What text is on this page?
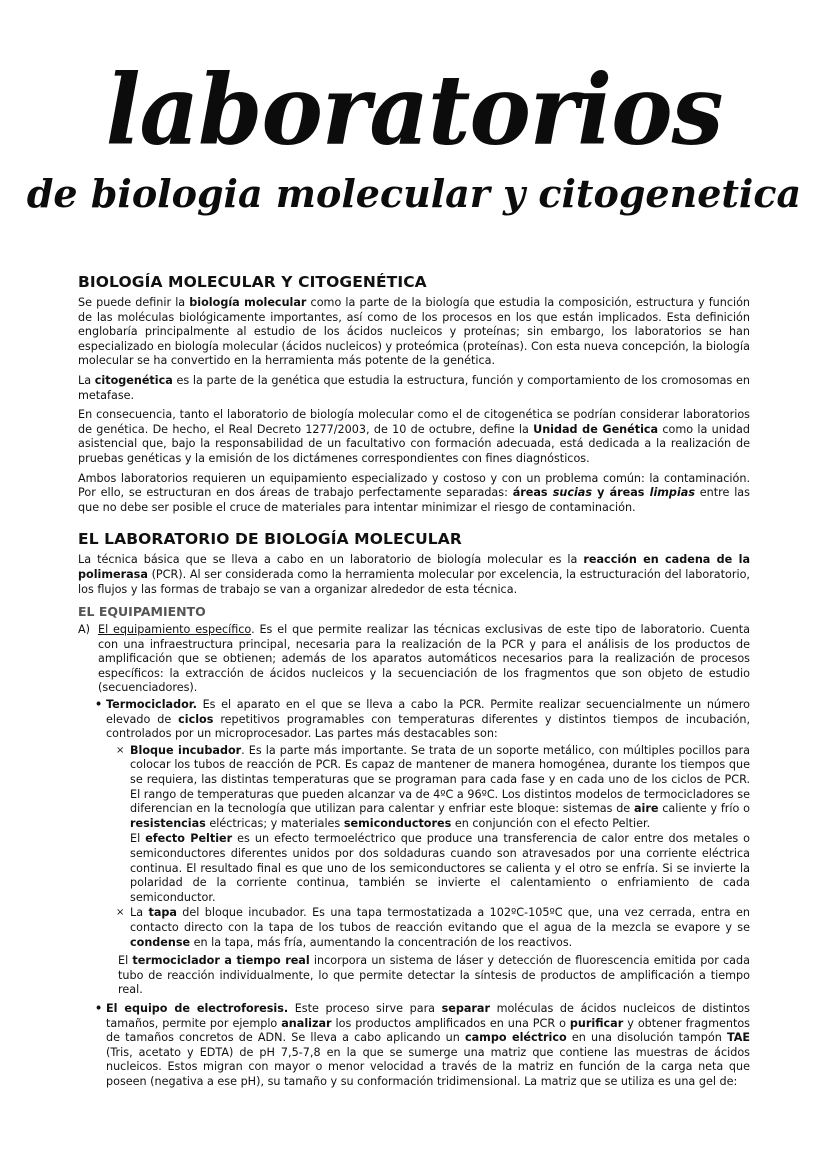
laboratorios
de biologia molecular y citogenetica
BIOLOGÍA MOLECULAR Y CITOGENÉTICA

Se puede definir la biología molecular como la parte de la biología que estudia la composición, estructura y función de las moléculas biológicamente importantes, así como de los procesos en los que están implicados. Esta definición englobaría principalmente al estudio de los ácidos nucleicos y proteínas; sin embargo, los laboratorios se han especializado en biología molecular (ácidos nucleicos) y proteómica (proteínas). Con esta nueva concepción, la biología molecular se ha convertido en la herramienta más potente de la genética.

La citogenética es la parte de la genética que estudia la estructura, función y comportamiento de los cromosomas en metafase.

En consecuencia, tanto el laboratorio de biología molecular como el de citogenética se podrían considerar laboratorios de genética. De hecho, el Real Decreto 1277/2003, de 10 de octubre, define la Unidad de Genética como la unidad asistencial que, bajo la responsabilidad de un facultativo con formación adecuada, está dedicada a la realización de pruebas genéticas y la emisión de los dictámenes correspondientes con fines diagnósticos.

Ambos laboratorios requieren un equipamiento especializado y costoso y con un problema común: la contaminación. Por ello, se estructuran en dos áreas de trabajo perfectamente separadas: áreas sucias y áreas limpias entre las que no debe ser posible el cruce de materiales para intentar minimizar el riesgo de contaminación.

EL LABORATORIO DE BIOLOGÍA MOLECULAR

La técnica básica que se lleva a cabo en un laboratorio de biología molecular es la reacción en cadena de la polimerasa (PCR). Al ser considerada como la herramienta molecular por excelencia, la estructuración del laboratorio, los flujos y las formas de trabajo se van a organizar alrededor de esta técnica.

EL EQUIPAMIENTO
A) El equipamiento específico. Es el que permite realizar las técnicas exclusivas de este tipo de laboratorio. Cuenta con una infraestructura principal, necesaria para la realización de la PCR y para el análisis de los productos de amplificación que se obtienen; además de los aparatos automáticos necesarios para la realización de procesos específicos: la extracción de ácidos nucleicos y la secuenciación de los fragmentos que son objeto de estudio (secuenciadores).
• Termociclador. Es el aparato en el que se lleva a cabo la PCR. Permite realizar secuencialmente un número elevado de ciclos repetitivos programables con temperaturas diferentes y distintos tiempos de incubación, controlados por un microprocesador. Las partes más destacables son:
× Bloque incubador. Es la parte más importante. Se trata de un soporte metálico, con múltiples pocillos para colocar los tubos de reacción de PCR. Es capaz de mantener de manera homogénea, durante los tiempos que se requiera, las distintas temperaturas que se programan para cada fase y en cada uno de los ciclos de PCR. El rango de temperaturas que pueden alcanzar va de 4ºC a 96ºC. Los distintos modelos de termocicladores se diferencian en la tecnología que utilizan para calentar y enfriar este bloque: sistemas de aire caliente y frío o resistencias eléctricas; y materiales semiconductores en conjunción con el efecto Peltier.
El efecto Peltier es un efecto termoeléctrico que produce una transferencia de calor entre dos metales o semiconductores diferentes unidos por dos soldaduras cuando son atravesados por una corriente eléctrica continua. El resultado final es que uno de los semiconductores se calienta y el otro se enfría. Si se invierte la polaridad de la corriente continua, también se invierte el calentamiento o enfriamiento de cada semiconductor.
× La tapa del bloque incubador. Es una tapa termostatizada a 102ºC-105ºC que, una vez cerrada, entra en contacto directo con la tapa de los tubos de reacción evitando que el agua de la mezcla se evapore y se condense en la tapa, más fría, aumentando la concentración de los reactivos.
El termociclador a tiempo real incorpora un sistema de láser y detección de fluorescencia emitida por cada tubo de reacción individualmente, lo que permite detectar la síntesis de productos de amplificación a tiempo real.
• El equipo de electroforesis. Este proceso sirve para separar moléculas de ácidos nucleicos de distintos tamaños, permite por ejemplo analizar los productos amplificados en una PCR o purificar y obtener fragmentos de tamaños concretos de ADN. Se lleva a cabo aplicando un campo eléctrico en una disolución tampón TAE (Tris, acetato y EDTA) de pH 7,5-7,8 en la que se sumerge una matriz que contiene las muestras de ácidos nucleicos. Estos migran con mayor o menor velocidad a través de la matriz en función de la carga neta que poseen (negativa a ese pH), su tamaño y su conformación tridimensional. La matriz que se utiliza es una gel de:
